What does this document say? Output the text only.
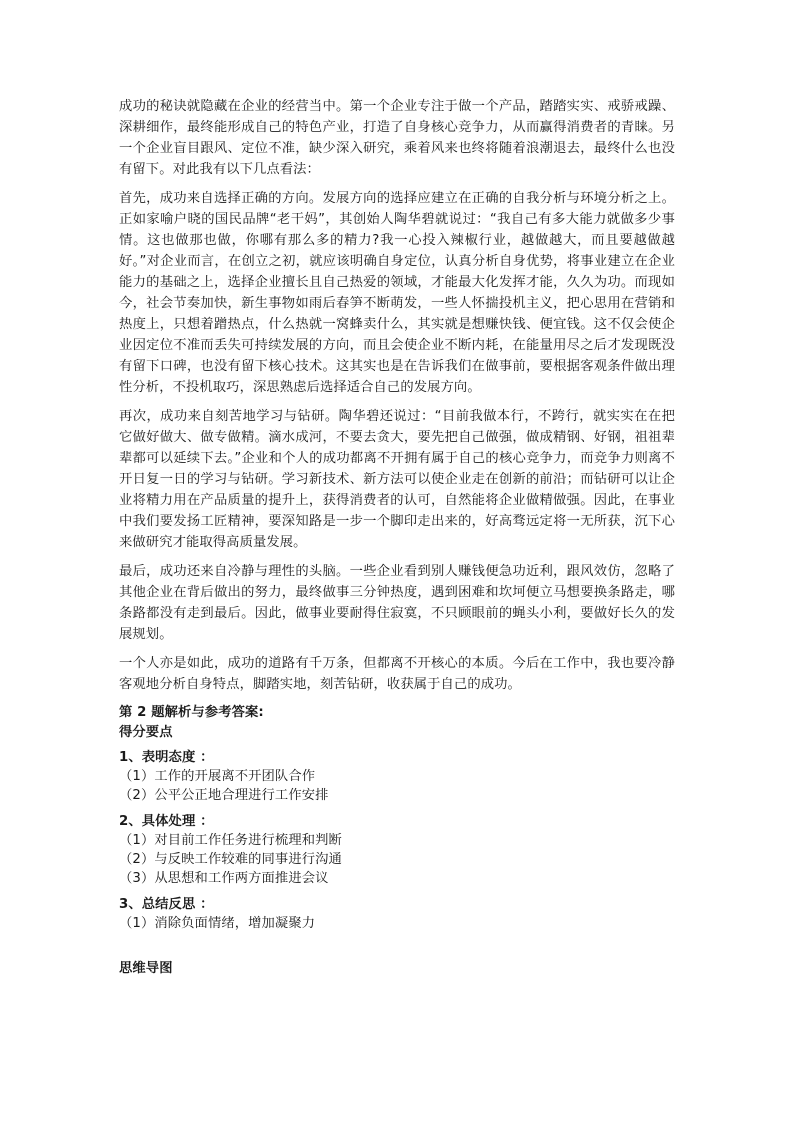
成功的秘诀就隐藏在企业的经营当中。第一个企业专注于做一个产品，踏踏实实、戒骄戒躁、深耕细作，最终能形成自己的特色产业，打造了自身核心竞争力，从而赢得消费者的青睐。另一个企业盲目跟风、定位不准，缺少深入研究，乘着风来也终将随着浪潮退去，最终什么也没有留下。对此我有以下几点看法：

首先，成功来自选择正确的方向。发展方向的选择应建立在正确的自我分析与环境分析之上。正如家喻户晓的国民品牌“老干妈”，其创始人陶华碧就说过：“我自己有多大能力就做多少事情。这也做那也做，你哪有那么多的精力?我一心投入辣椒行业，越做越大，而且要越做越好。”对企业而言，在创立之初，就应该明确自身定位，认真分析自身优势，将事业建立在企业能力的基础之上，选择企业擅长且自己热爱的领域，才能最大化发挥才能，久久为功。而现如今，社会节奏加快，新生事物如雨后春笋不断萌发，一些人怀揣投机主义，把心思用在营销和热度上，只想着蹭热点，什么热就一窝蜂卖什么，其实就是想赚快钱、便宜钱。这不仅会使企业因定位不准而丢失可持续发展的方向，而且会使企业不断内耗，在能量用尽之后才发现既没有留下口碑，也没有留下核心技术。这其实也是在告诉我们在做事前，要根据客观条件做出理性分析，不投机取巧，深思熟虑后选择适合自己的发展方向。

再次，成功来自刻苦地学习与钻研。陶华碧还说过：“目前我做本行，不跨行，就实实在在把它做好做大、做专做精。滴水成河，不要去贪大，要先把自己做强，做成精钢、好钢，祖祖辈辈都可以延续下去。”企业和个人的成功都离不开拥有属于自己的核心竞争力，而竞争力则离不开日复一日的学习与钻研。学习新技术、新方法可以使企业走在创新的前沿；而钻研可以让企业将精力用在产品质量的提升上，获得消费者的认可，自然能将企业做精做强。因此，在事业中我们要发扬工匠精神，要深知路是一步一个脚印走出来的，好高骛远定将一无所获，沉下心来做研究才能取得高质量发展。

最后，成功还来自冷静与理性的头脑。一些企业看到别人赚钱便急功近利，跟风效仿，忽略了其他企业在背后做出的努力，最终做事三分钟热度，遇到困难和坎坷便立马想要换条路走，哪条路都没有走到最后。因此，做事业要耐得住寂寞，不只顾眼前的蝇头小利，要做好长久的发展规划。

一个人亦是如此，成功的道路有千万条，但都离不开核心的本质。今后在工作中，我也要冷静客观地分析自身特点，脚踏实地，刻苦钻研，收获属于自己的成功。

第 2 题解析与参考答案:

得分要点

1、表明态度 ：

（1）工作的开展离不开团队合作

（2）公平公正地合理进行工作安排

2、具体处理 ：

（1）对目前工作任务进行梳理和判断

（2）与反映工作较难的同事进行沟通

（3）从思想和工作两方面推进会议

3、总结反思 ：

（1）消除负面情绪，增加凝聚力

思维导图
